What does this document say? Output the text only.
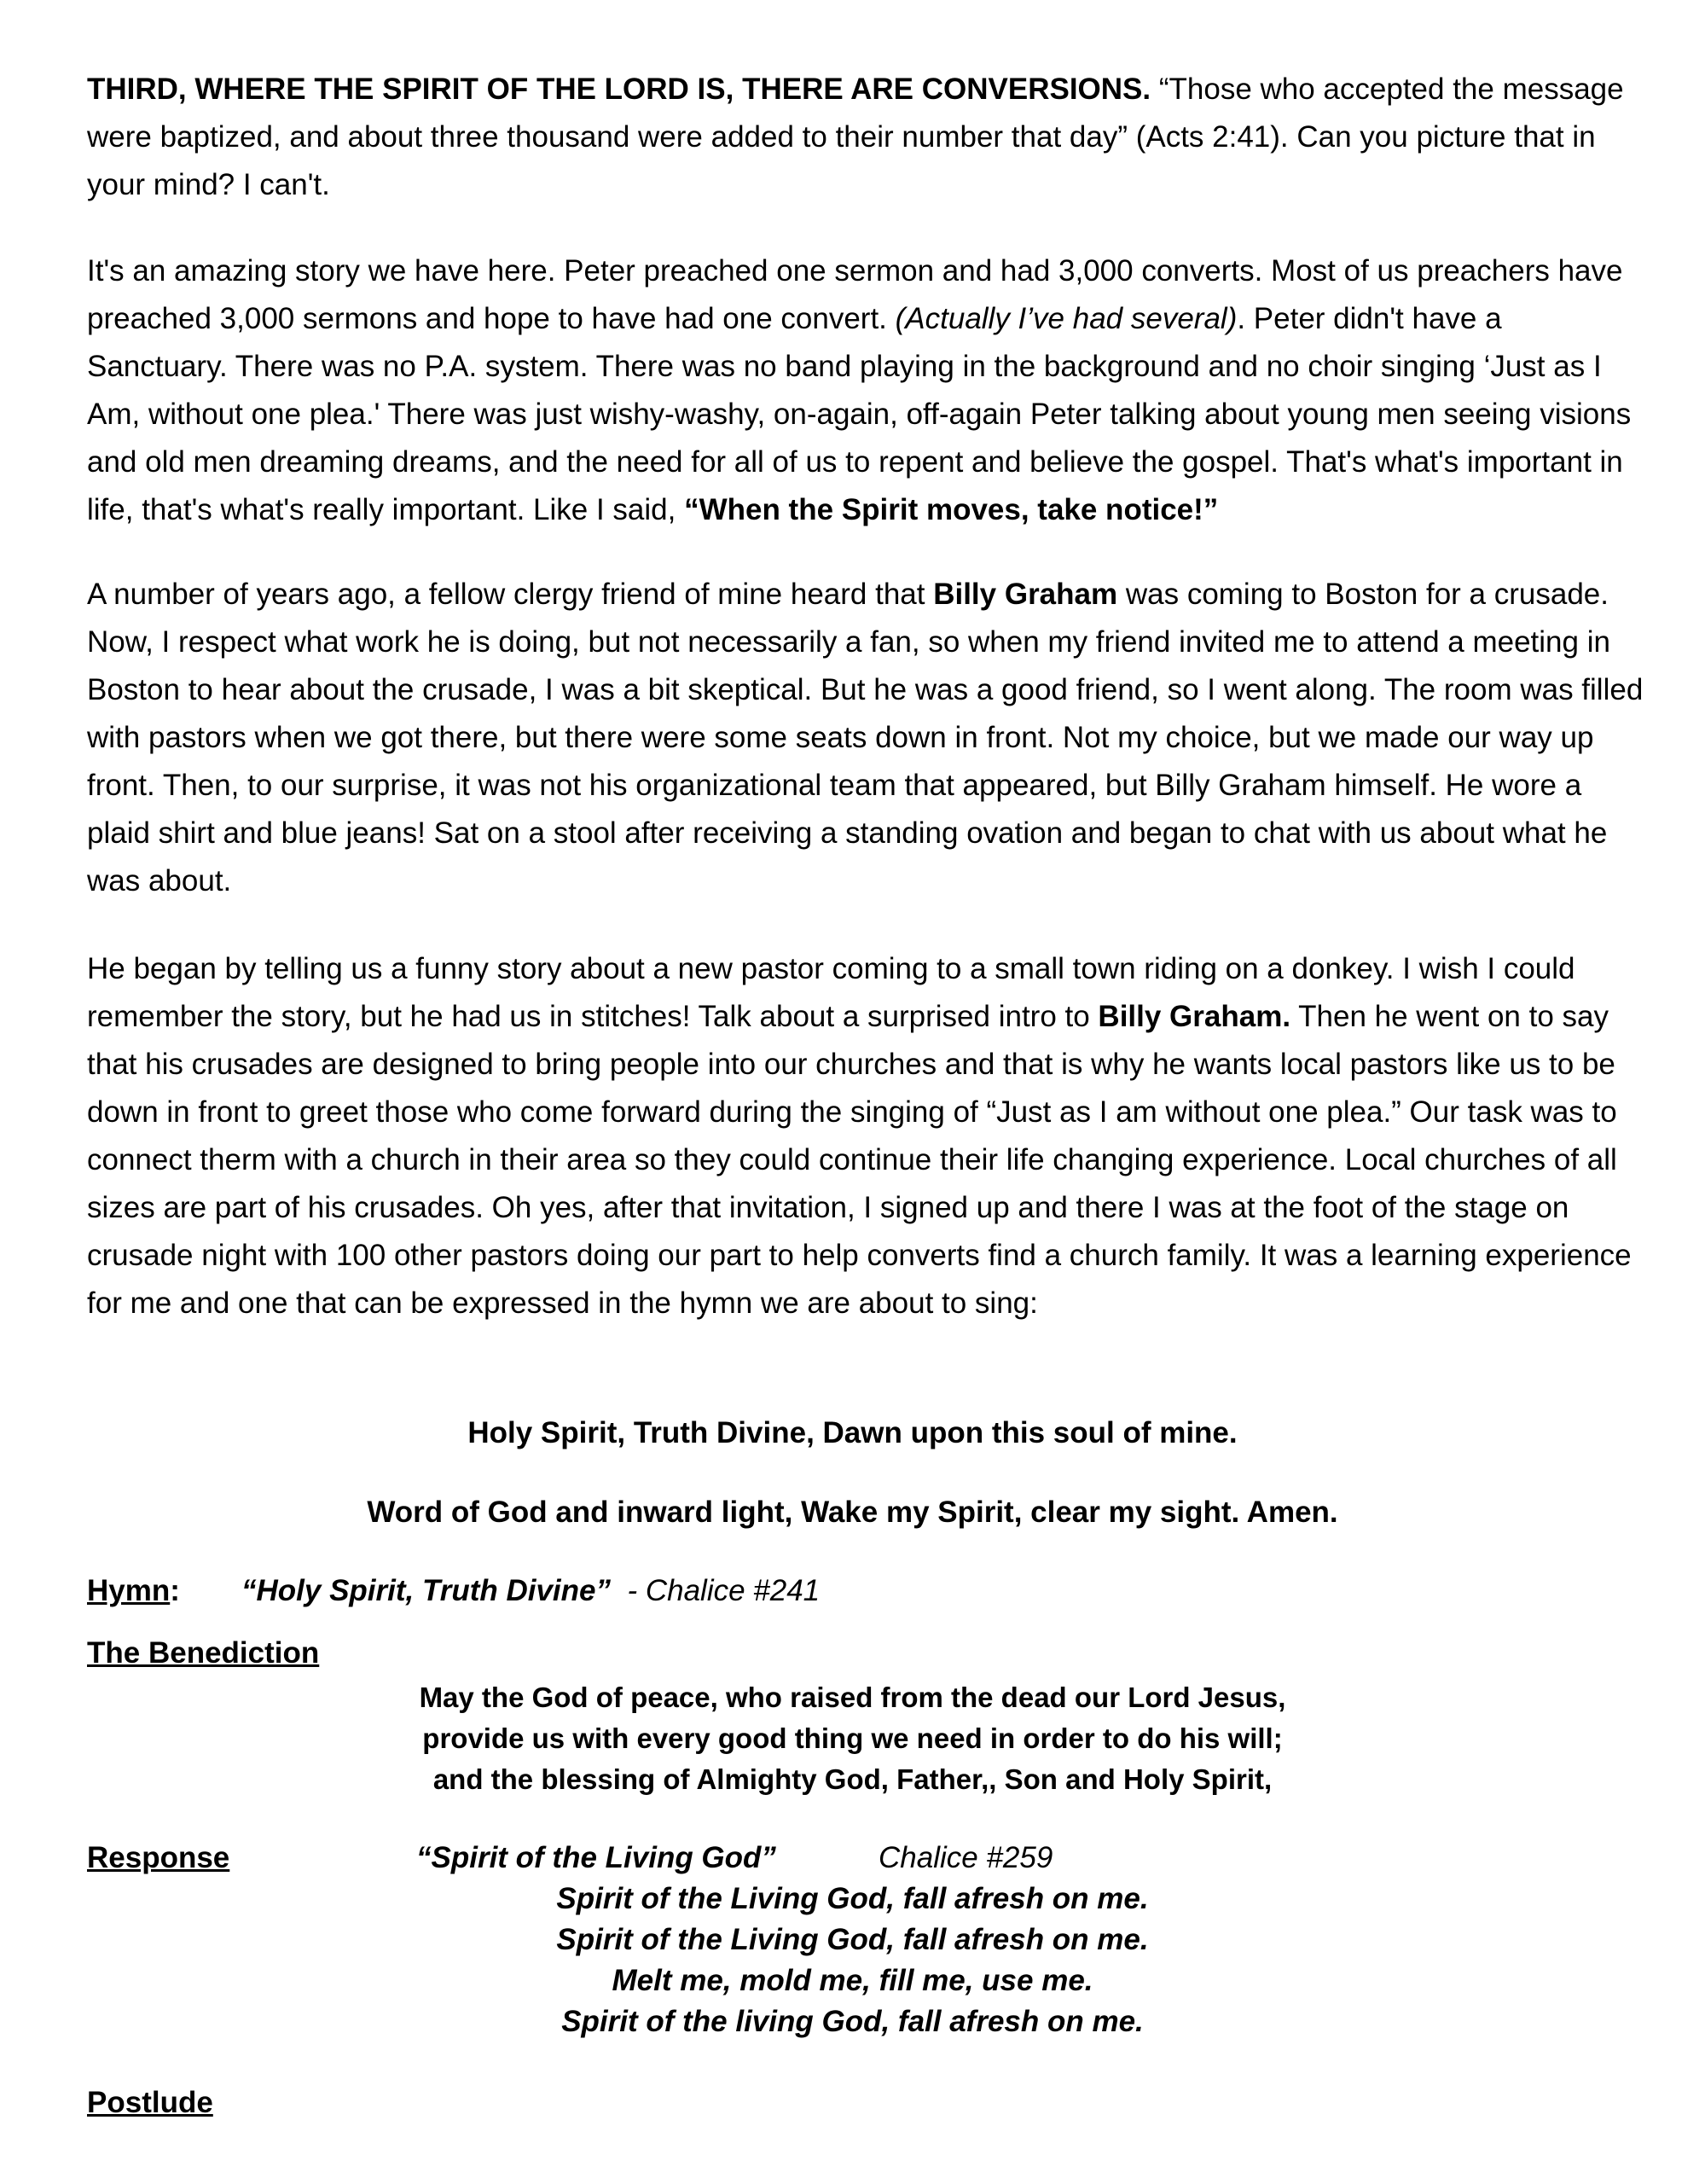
THIRD, WHERE THE SPIRIT OF THE LORD IS, THERE ARE CONVERSIONS. “Those who accepted the message were baptized, and about three thousand were added to their number that day” (Acts 2:41). Can you picture that in your mind? I can't.

It's an amazing story we have here. Peter preached one sermon and had 3,000 converts. Most of us preachers have preached 3,000 sermons and hope to have had one convert. (Actually I’ve had several). Peter didn't have a Sanctuary. There was no P.A. system. There was no band playing in the background and no choir singing ‘Just as I Am, without one plea.' There was just wishy-washy, on-again, off-again Peter talking about young men seeing visions and old men dreaming dreams, and the need for all of us to repent and believe the gospel. That's what's important in life, that's what's really important. Like I said, “When the Spirit moves, take notice!”

A number of years ago, a fellow clergy friend of mine heard that Billy Graham was coming to Boston for a crusade. Now, I respect what work he is doing, but not necessarily a fan, so when my friend invited me to attend a meeting in Boston to hear about the crusade, I was a bit skeptical. But he was a good friend, so I went along. The room was filled with pastors when we got there, but there were some seats down in front. Not my choice, but we made our way up front. Then, to our surprise, it was not his organizational team that appeared, but Billy Graham himself. He wore a plaid shirt and blue jeans! Sat on a stool after receiving a standing ovation and began to chat with us about what he was about.

He began by telling us a funny story about a new pastor coming to a small town riding on a donkey. I wish I could remember the story, but he had us in stitches! Talk about a surprised intro to Billy Graham. Then he went on to say that his crusades are designed to bring people into our churches and that is why he wants local pastors like us to be down in front to greet those who come forward during the singing of “Just as I am without one plea.” Our task was to connect therm with a church in their area so they could continue their life changing experience. Local churches of all sizes are part of his crusades. Oh yes, after that invitation, I signed up and there I was at the foot of the stage on crusade night with 100 other pastors doing our part to help converts find a church family. It was a learning experience for me and one that can be expressed in the hymn we are about to sing:

Holy Spirit, Truth Divine, Dawn upon this soul of mine.

Word of God and inward light, Wake my Spirit, clear my sight. Amen.

Hymn: “Holy Spirit, Truth Divine”  - Chalice #241
The Benediction
May the God of peace, who raised from the dead our Lord Jesus,
provide us with every good thing we need in order to do his will;
and the blessing of Almighty God, Father,, Son and Holy Spirit,
Response	“Spirit of the Living God”	Chalice #259
Spirit of the Living God, fall afresh on me.
Spirit of the Living God, fall afresh on me.
Melt me, mold me, fill me, use me.
Spirit of the living God, fall afresh on me.
Postlude
